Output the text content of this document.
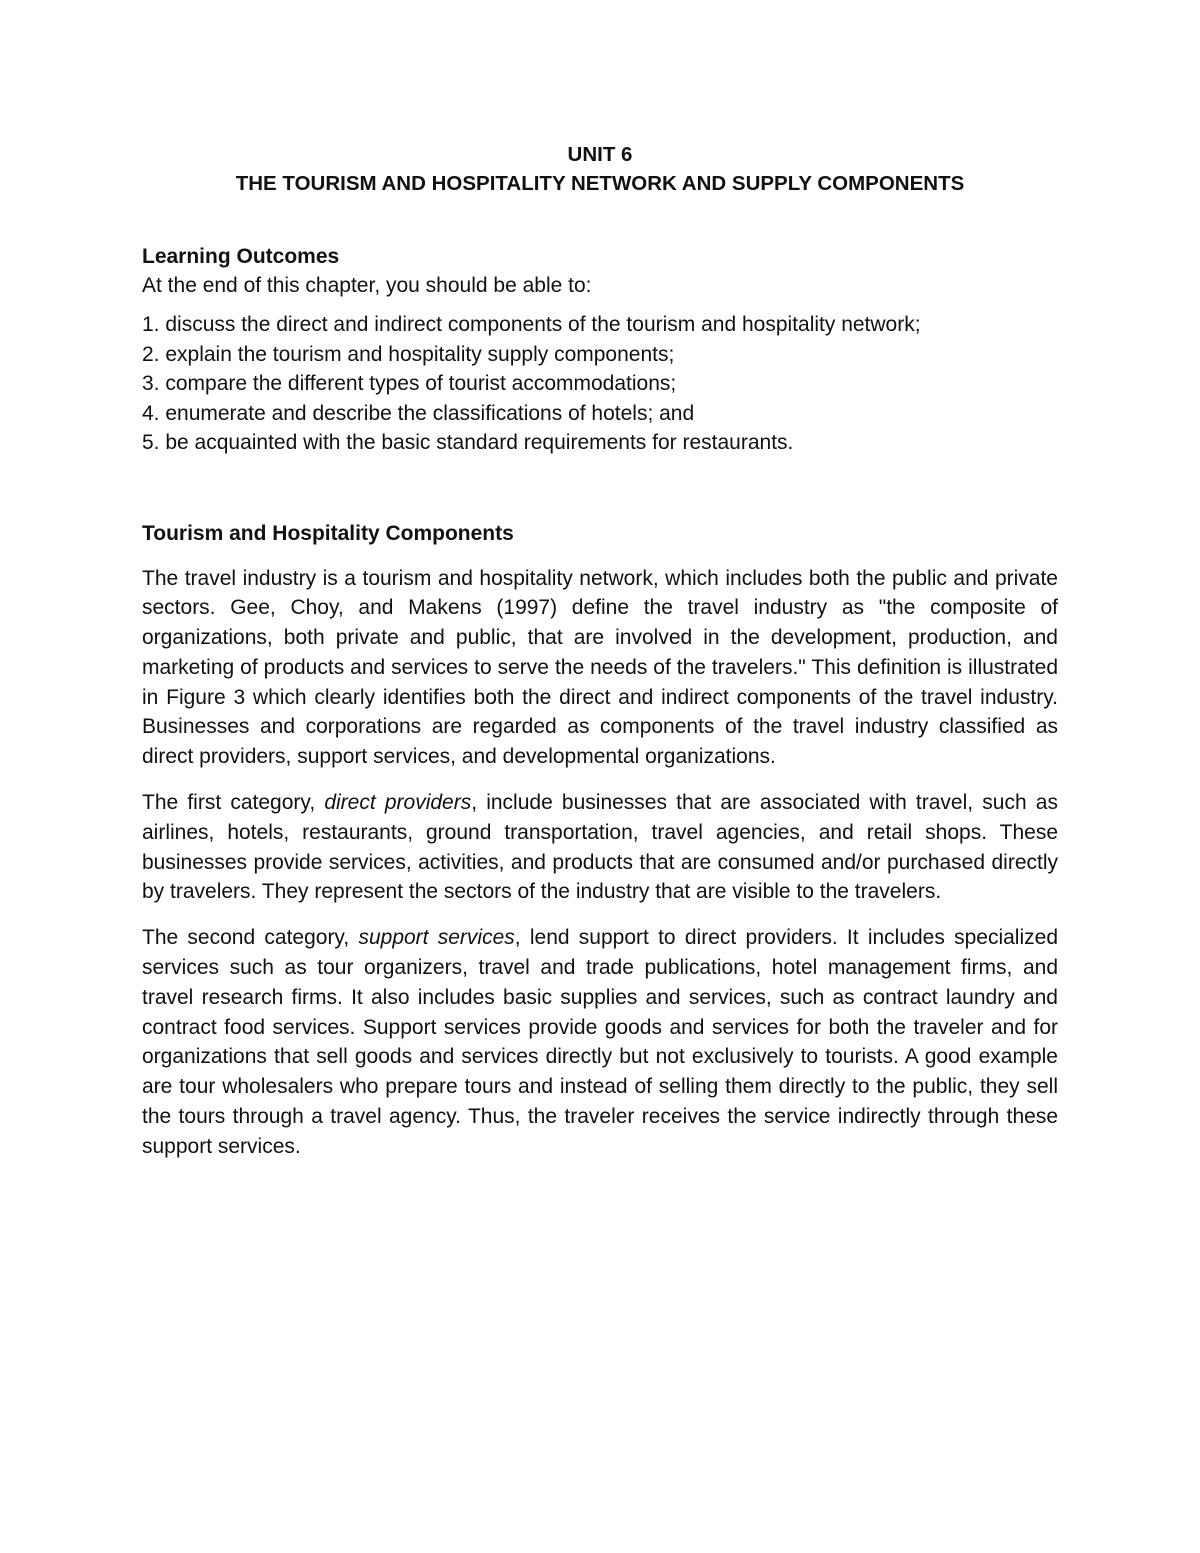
UNIT 6
THE TOURISM AND HOSPITALITY NETWORK AND SUPPLY COMPONENTS
Learning Outcomes

At the end of this chapter, you should be able to:

1. discuss the direct and indirect components of the tourism and hospitality network;
2. explain the tourism and hospitality supply components;
3. compare the different types of tourist accommodations;
4. enumerate and describe the classifications of hotels; and
5. be acquainted with the basic standard requirements for restaurants.
Tourism and Hospitality Components

The travel industry is a tourism and hospitality network, which includes both the public and private sectors. Gee, Choy, and Makens (1997) define the travel industry as "the composite of organizations, both private and public, that are involved in the development, production, and marketing of products and services to serve the needs of the travelers." This definition is illustrated in Figure 3 which clearly identifies both the direct and indirect components of the travel industry. Businesses and corporations are regarded as components of the travel industry classified as direct providers, support services, and developmental organizations.

The first category, direct providers, include businesses that are associated with travel, such as airlines, hotels, restaurants, ground transportation, travel agencies, and retail shops. These businesses provide services, activities, and products that are consumed and/or purchased directly by travelers. They represent the sectors of the industry that are visible to the travelers.

The second category, support services, lend support to direct providers. It includes specialized services such as tour organizers, travel and trade publications, hotel management firms, and travel research firms. It also includes basic supplies and services, such as contract laundry and contract food services. Support services provide goods and services for both the traveler and for organizations that sell goods and services directly but not exclusively to tourists. A good example are tour wholesalers who prepare tours and instead of selling them directly to the public, they sell the tours through a travel agency. Thus, the traveler receives the service indirectly through these support services.
